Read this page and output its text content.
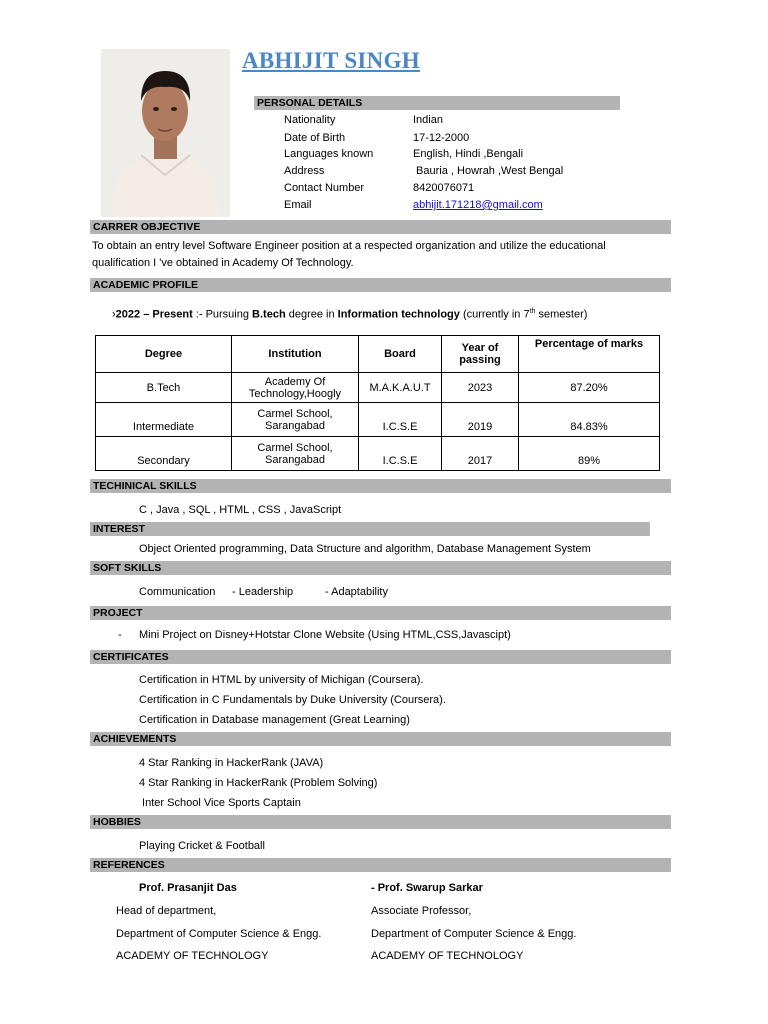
ABHIJIT SINGH
PERSONAL DETAILS
Nationality	Indian
Date of Birth	17-12-2000
Languages known	English, Hindi ,Bengali
Address	Bauria , Howrah ,West Bengal
Contact Number	8420076071
Email	abhijit.171218@gmail.com
CARRER OBJECTIVE
To obtain an entry level Software Engineer position at a respected organization and utilize the educational
qualification I 've obtained in Academy Of Technology.
ACADEMIC PROFILE
›2022 – Present :- Pursuing B.tech degree in Information technology (currently in 7th semester)
Degree	Institution	Board	Year of passing	Percentage of marks
B.Tech	Academy Of Technology,Hoogly	M.A.K.A.U.T	2023	87.20%
Intermediate	Carmel School, Sarangabad	I.C.S.E	2019	84.83%
Secondary	Carmel School, Sarangabad	I.C.S.E	2017	89%
TECHINICAL SKILLS
C , Java , SQL , HTML , CSS , JavaScript
INTEREST
Object Oriented programming, Data Structure and algorithm, Database Management System
SOFT SKILLS
Communication - Leadership	- Adaptability
PROJECT
- Mini Project on Disney+Hotstar Clone Website (Using HTML,CSS,Javascipt)
CERTIFICATES
Certification in HTML by university of Michigan (Coursera).
Certification in C Fundamentals by Duke University (Coursera).
Certification in Database management (Great Learning)
ACHIEVEMENTS
4 Star Ranking in HackerRank (JAVA)
4 Star Ranking in HackerRank (Problem Solving)
Inter School Vice Sports Captain
HOBBIES
Playing Cricket & Football
REFERENCES
Prof. Prasanjit Das
Head of department,
Department of Computer Science & Engg.
ACADEMY OF TECHNOLOGY
- Prof. Swarup Sarkar
Associate Professor,
Department of Computer Science & Engg.
ACADEMY OF TECHNOLOGY
